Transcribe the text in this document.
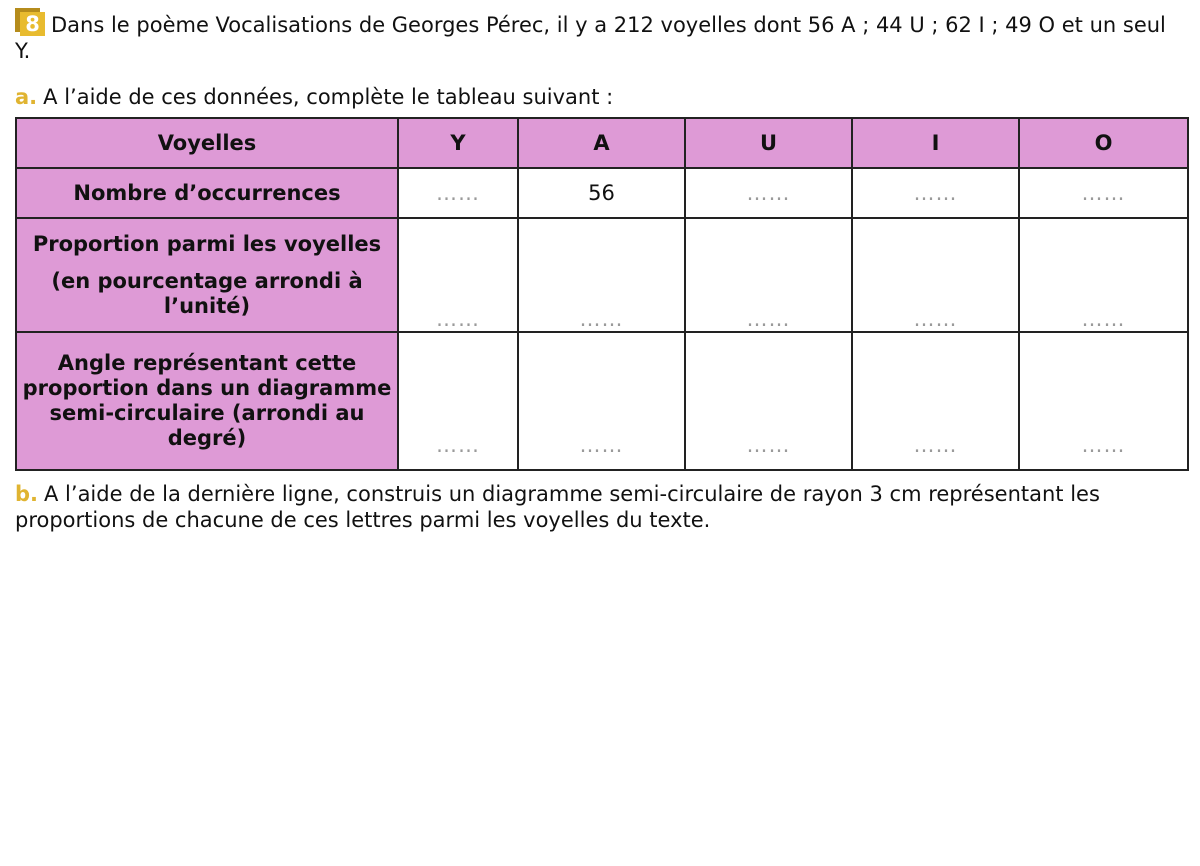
8 Dans le poème Vocalisations de Georges Pérec, il y a 212 voyelles dont 56 A ; 44 U ; 62 I ; 49 O et un seul Y.

a. A l’aide de ces données, complète le tableau suivant :

Voyelles	Y	A	U	I	O
Nombre d’occurrences	……	56	……	……	……
Proportion parmi les voyelles
(en pourcentage arrondi à l’unité)	……	……	……	……	……
Angle représentant cette proportion dans un diagramme semi-circulaire (arrondi au degré)	……	……	……	……	……

b. A l’aide de la dernière ligne, construis un diagramme semi-circulaire de rayon 3 cm représentant les proportions de chacune de ces lettres parmi les voyelles du texte.
